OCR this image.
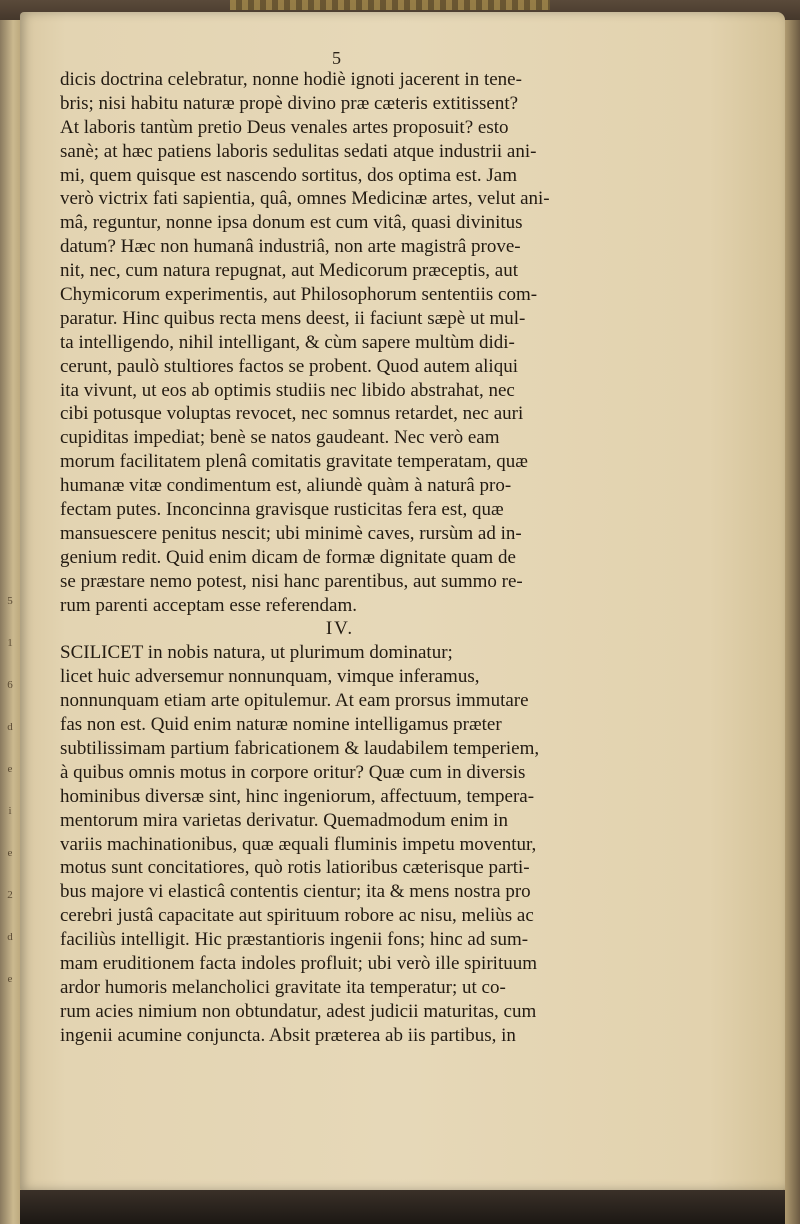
5
1
6
d
e
i
e
2
d
e
5
dicis doctrina celebratur, nonne hodiè ignoti jacerent in tene-
bris; nisi habitu naturæ propè divino præ cæteris extitissent?
At laboris tantùm pretio Deus venales artes proposuit? esto
sanè; at hæc patiens laboris sedulitas sedati atque industrii ani-
mi, quem quisque est nascendo sortitus, dos optima est. Jam
verò victrix fati sapientia, quâ, omnes Medicinæ artes, velut ani-
mâ, reguntur, nonne ipsa donum est cum vitâ, quasi divinitus
datum? Hæc non humanâ industriâ, non arte magistrâ prove-
nit, nec, cum natura repugnat, aut Medicorum præceptis, aut
Chymicorum experimentis, aut Philosophorum sententiis com-
paratur. Hinc quibus recta mens deest, ii faciunt sæpè ut mul-
ta intelligendo, nihil intelligant, & cùm sapere multùm didi-
cerunt, paulò stultiores factos se probent. Quod autem aliqui
ita vivunt, ut eos ab optimis studiis nec libido abstrahat, nec
cibi potusque voluptas revocet, nec somnus retardet, nec auri
cupiditas impediat; benè se natos gaudeant. Nec verò eam
morum facilitatem plenâ comitatis gravitate temperatam, quæ
humanæ vitæ condimentum est, aliundè quàm à naturâ pro-
fectam putes. Inconcinna gravisque rusticitas fera est, quæ
mansuescere penitus nescit; ubi minimè caves, rursùm ad in-
genium redit. Quid enim dicam de formæ dignitate quam de
se præstare nemo potest, nisi hanc parentibus, aut summo re-
rum parenti acceptam esse referendam.
IV.
SCILICET in nobis natura, ut plurimum dominatur;
licet huic adversemur nonnunquam, vimque inferamus,
nonnunquam etiam arte opitulemur. At eam prorsus immutare
fas non est. Quid enim naturæ nomine intelligamus præter
subtilissimam partium fabricationem & laudabilem temperiem,
à quibus omnis motus in corpore oritur? Quæ cum in diversis
hominibus diversæ sint, hinc ingeniorum, affectuum, tempera-
mentorum mira varietas derivatur. Quemadmodum enim in
variis machinationibus, quæ æquali fluminis impetu moventur,
motus sunt concitatiores, quò rotis latioribus cæterisque parti-
bus majore vi elasticâ contentis cientur; ita & mens nostra pro
cerebri justâ capacitate aut spirituum robore ac nisu, meliùs ac
faciliùs intelligit. Hic præstantioris ingenii fons; hinc ad sum-
mam eruditionem facta indoles profluit; ubi verò ille spirituum
ardor humoris melancholici gravitate ita temperatur; ut co-
rum acies nimium non obtundatur, adest judicii maturitas, cum
ingenii acumine conjuncta. Absit præterea ab iis partibus, in
